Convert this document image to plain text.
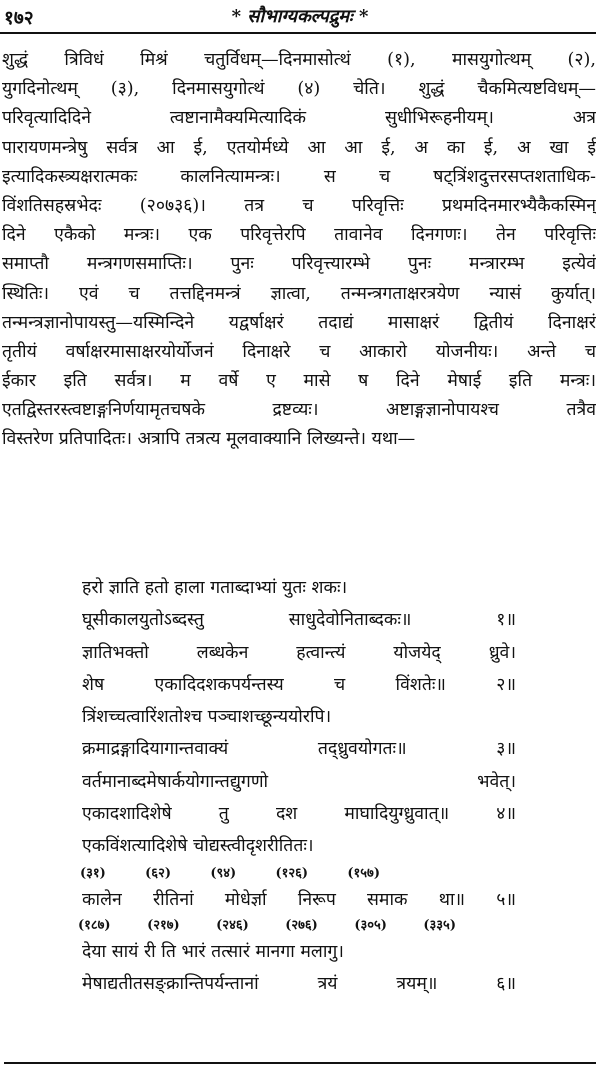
१७२	* सौभाग्यकल्पद्रुमः *
शुद्धं त्रिविधं मिश्रं चतुर्विधम्—दिनमासोत्थं (१), मासयुगोत्थम् (२),
युगदिनोत्थम् (३), दिनमासयुगोत्थं (४) चेति। शुद्धं चैकमित्यष्टविधम्—
परिवृत्यादिदिने त्वष्टानामैक्यमित्यादिकं सुधीभिरूहनीयम्। अत्र
पारायणमन्त्रेषु सर्वत्र आ ई, एतयोर्मध्ये आ आ ई, अ का ई, अ खा ई
इत्यादिकस्त्र्यक्षरात्मकः कालनित्यामन्त्रः। स च षट्त्रिंशदुत्तरसप्तशताधिक-
विंशतिसहस्रभेदः (२०७३६)। तत्र च परिवृत्तिः प्रथमदिनमारभ्यैकैकस्मिन्
दिने एकैको मन्त्रः। एक परिवृत्तेरपि तावानेव दिनगणः। तेन परिवृत्तिः
समाप्तौ मन्त्रगणसमाप्तिः। पुनः परिवृत्त्यारम्भे पुनः मन्त्रारम्भ इत्येवं
स्थितिः। एवं च तत्तद्दिनमन्त्रं ज्ञात्वा, तन्मन्त्रगताक्षरत्रयेण न्यासं कुर्यात्।
तन्मन्त्रज्ञानोपायस्तु—यस्मिन्दिने यद्वर्षाक्षरं तदाद्यं मासाक्षरं द्वितीयं दिनाक्षरं
तृतीयं वर्षाक्षरमासाक्षरयोर्योजनं दिनाक्षरे च आकारो योजनीयः। अन्ते च
ईकार इति सर्वत्र। म वर्षे ए मासे ष दिने मेषाई इति मन्त्रः।
एतद्विस्तरस्त्वष्टाङ्गनिर्णयामृतचषके द्रष्टव्यः। अष्टाङ्गज्ञानोपायश्च तत्रैव
विस्तरेण प्रतिपादितः। अत्रापि तत्रत्य मूलवाक्यानि लिख्यन्ते। यथा—
हरो ज्ञाति हतो हाला गताब्दाभ्यां युतः शकः।
घूसीकालयुतोऽब्दस्तु साधुदेवोनिताब्दकः॥ १॥
ज्ञातिभक्तो लब्धकेन हत्वान्त्यं योजयेद् ध्रुवे।
शेष एकादिदशकपर्यन्तस्य च विंशतेः॥ २॥
त्रिंशच्चत्वारिंशतोश्च पञ्चाशच्छून्ययोरपि।
क्रमाद्रङ्गादियागान्तवाक्यं तद्ध्रुवयोगतः॥ ३॥
वर्तमानाब्दमेषार्कयोगान्तद्युगणो भवेत्।
एकादशादिशेषे तु दश माघादियुग्ध्रुवात्॥ ४॥
एकविंशत्यादिशेषे चोद्यस्त्वीदृशरीतितः।
(३१)	(६२)	(९४)	(१२६)	(१५७)
कालेन रीतिनां मोधेर्ज्ञा निरूप समाक था॥ ५॥
(१८७)	(२१७)	(२४६)	(२७६)	(३०५)	(३३५)
देया सायं री ति भारं तत्सारं मानगा मलागु।
मेषाद्यतीतसङ्क्रान्तिपर्यन्तानां त्रयं त्रयम्॥ ६॥
